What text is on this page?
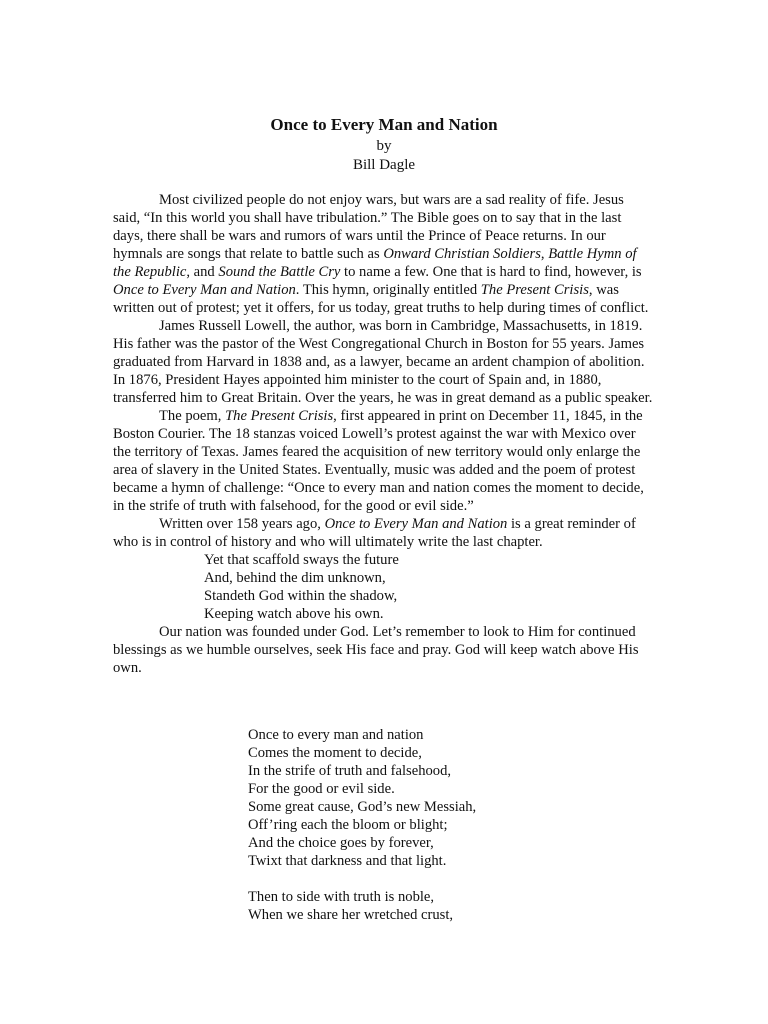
Once to Every Man and Nation
by
Bill Dagle

Most civilized people do not enjoy wars, but wars are a sad reality of fife. Jesus said, “In this world you shall have tribulation.” The Bible goes on to say that in the last days, there shall be wars and rumors of wars until the Prince of Peace returns. In our hymnals are songs that relate to battle such as Onward Christian Soldiers, Battle Hymn of the Republic, and Sound the Battle Cry to name a few. One that is hard to find, however, is Once to Every Man and Nation. This hymn, originally entitled The Present Crisis, was written out of protest; yet it offers, for us today, great truths to help during times of conflict.

James Russell Lowell, the author, was born in Cambridge, Massachusetts, in 1819. His father was the pastor of the West Congregational Church in Boston for 55 years. James graduated from Harvard in 1838 and, as a lawyer, became an ardent champion of abolition. In 1876, President Hayes appointed him minister to the court of Spain and, in 1880, transferred him to Great Britain. Over the years, he was in great demand as a public speaker.

The poem, The Present Crisis, first appeared in print on December 11, 1845, in the Boston Courier. The 18 stanzas voiced Lowell’s protest against the war with Mexico over the territory of Texas. James feared the acquisition of new territory would only enlarge the area of slavery in the United States. Eventually, music was added and the poem of protest became a hymn of challenge: “Once to every man and nation comes the moment to decide, in the strife of truth with falsehood, for the good or evil side.”

Written over 158 years ago, Once to Every Man and Nation is a great reminder of who is in control of history and who will ultimately write the last chapter.

Yet that scaffold sways the future
And, behind the dim unknown,
Standeth God within the shadow,
Keeping watch above his own.

Our nation was founded under God. Let’s remember to look to Him for continued blessings as we humble ourselves, seek His face and pray. God will keep watch above His own.

Once to every man and nation
Comes the moment to decide,
In the strife of truth and falsehood,
For the good or evil side.
Some great cause, God’s new Messiah,
Off’ring each the bloom or blight;
And the choice goes by forever,
Twixt that darkness and that light.
Then to side with truth is noble,
When we share her wretched crust,
